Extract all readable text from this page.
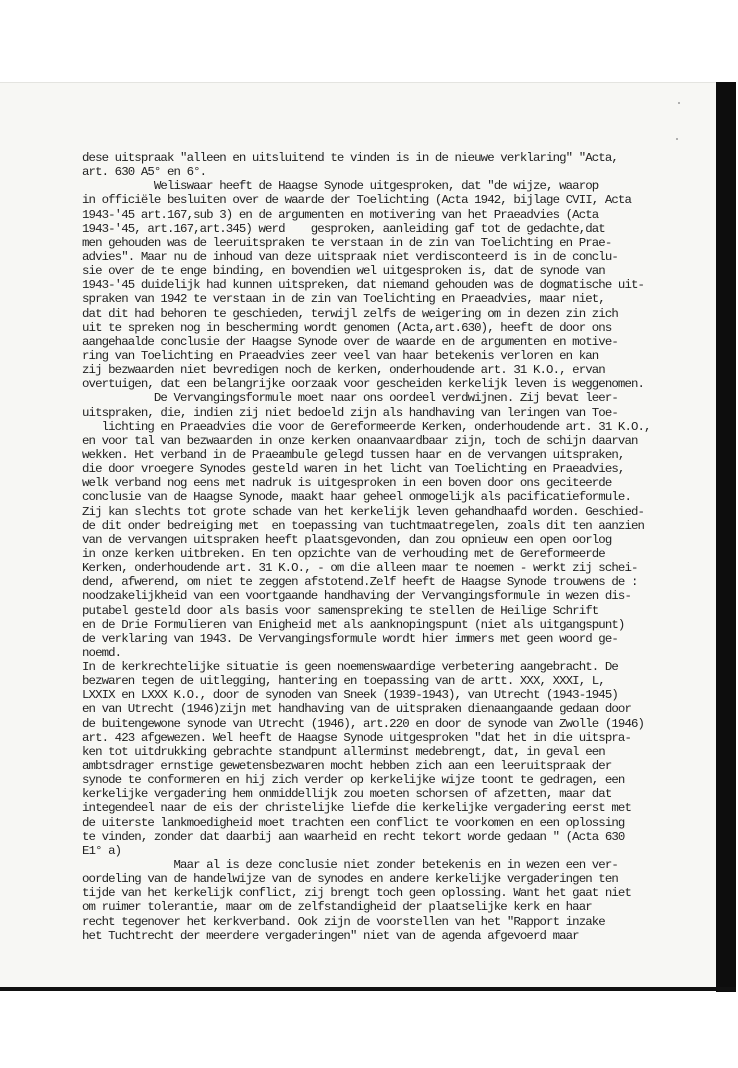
dese uitspraak "alleen en uitsluitend te vinden is in de nieuwe verklaring" "Acta,
art. 630 A5° en 6°.
Weliswaar heeft de Haagse Synode uitgesproken, dat "de wijze, waarop
in officiële besluiten over de waarde der Toelichting (Acta 1942, bijlage CVII, Acta
1943-'45 art.167,sub 3) en de argumenten en motivering van het Praeadvies (Acta
1943-'45, art.167,art.345) werd    gesproken, aanleiding gaf tot de gedachte,dat
men gehouden was de leeruitspraken te verstaan in de zin van Toelichting en Prae-
advies". Maar nu de inhoud van deze uitspraak niet verdisconteerd is in de conclu-
sie over de te enge binding, en bovendien wel uitgesproken is, dat de synode van
1943-'45 duidelijk had kunnen uitspreken, dat niemand gehouden was de dogmatische uit-
spraken van 1942 te verstaan in de zin van Toelichting en Praeadvies, maar niet,
dat dit had behoren te geschieden, terwijl zelfs de weigering om in dezen zin zich
uit te spreken nog in bescherming wordt genomen (Acta,art.630), heeft de door ons
aangehaalde conclusie der Haagse Synode over de waarde en de argumenten en motive-
ring van Toelichting en Praeadvies zeer veel van haar betekenis verloren en kan
zij bezwaarden niet bevredigen noch de kerken, onderhoudende art. 31 K.O., ervan
overtuigen, dat een belangrijke oorzaak voor gescheiden kerkelijk leven is weggenomen.
De Vervangingsformule moet naar ons oordeel verdwijnen. Zij bevat leer-
uitspraken, die, indien zij niet bedoeld zijn als handhaving van leringen van Toe-
lichting en Praeadvies die voor de Gereformeerde Kerken, onderhoudende art. 31 K.O.,
en voor tal van bezwaarden in onze kerken onaanvaardbaar zijn, toch de schijn daarvan
wekken. Het verband in de Praeambule gelegd tussen haar en de vervangen uitspraken,
die door vroegere Synodes gesteld waren in het licht van Toelichting en Praeadvies,
welk verband nog eens met nadruk is uitgesproken in een boven door ons geciteerde
conclusie van de Haagse Synode, maakt haar geheel onmogelijk als pacificatieformule.
Zij kan slechts tot grote schade van het kerkelijk leven gehandhaafd worden. Geschied-
de dit onder bedreiging met  en toepassing van tuchtmaatregelen, zoals dit ten aanzien
van de vervangen uitspraken heeft plaatsgevonden, dan zou opnieuw een open oorlog
in onze kerken uitbreken. En ten opzichte van de verhouding met de Gereformeerde
Kerken, onderhoudende art. 31 K.O., - om die alleen maar te noemen - werkt zij schei-
dend, afwerend, om niet te zeggen afstotend.Zelf heeft de Haagse Synode trouwens de :
noodzakelijkheid van een voortgaande handhaving der Vervangingsformule in wezen dis-
putabel gesteld door als basis voor samenspreking te stellen de Heilige Schrift
en de Drie Formulieren van Enigheid met als aanknopingspunt (niet als uitgangspunt)
de verklaring van 1943. De Vervangingsformule wordt hier immers met geen woord ge-
noemd.
In de kerkrechtelijke situatie is geen noemenswaardige verbetering aangebracht. De
bezwaren tegen de uitlegging, hantering en toepassing van de artt. XXX, XXXI, L,
LXXIX en LXXX K.O., door de synoden van Sneek (1939-1943), van Utrecht (1943-1945)
en van Utrecht (1946)zijn met handhaving van de uitspraken dienaangaande gedaan door
de buitengewone synode van Utrecht (1946), art.220 en door de synode van Zwolle (1946)
art. 423 afgewezen. Wel heeft de Haagse Synode uitgesproken "dat het in die uitspra-
ken tot uitdrukking gebrachte standpunt allerminst medebrengt, dat, in geval een
ambtsdrager ernstige gewetensbezwaren mocht hebben zich aan een leeruitspraak der
synode te conformeren en hij zich verder op kerkelijke wijze toont te gedragen, een
kerkelijke vergadering hem onmiddellijk zou moeten schorsen of afzetten, maar dat
integendeel naar de eis der christelijke liefde die kerkelijke vergadering eerst met
de uiterste lankmoedigheid moet trachten een conflict te voorkomen en een oplossing
te vinden, zonder dat daarbij aan waarheid en recht tekort worde gedaan " (Acta 630
E1° a)
Maar al is deze conclusie niet zonder betekenis en in wezen een ver-
oordeling van de handelwijze van de synodes en andere kerkelijke vergaderingen ten
tijde van het kerkelijk conflict, zij brengt toch geen oplossing. Want het gaat niet
om ruimer tolerantie, maar om de zelfstandigheid der plaatselijke kerk en haar
recht tegenover het kerkverband. Ook zijn de voorstellen van het "Rapport inzake
het Tuchtrecht der meerdere vergaderingen" niet van de agenda afgevoerd maar
